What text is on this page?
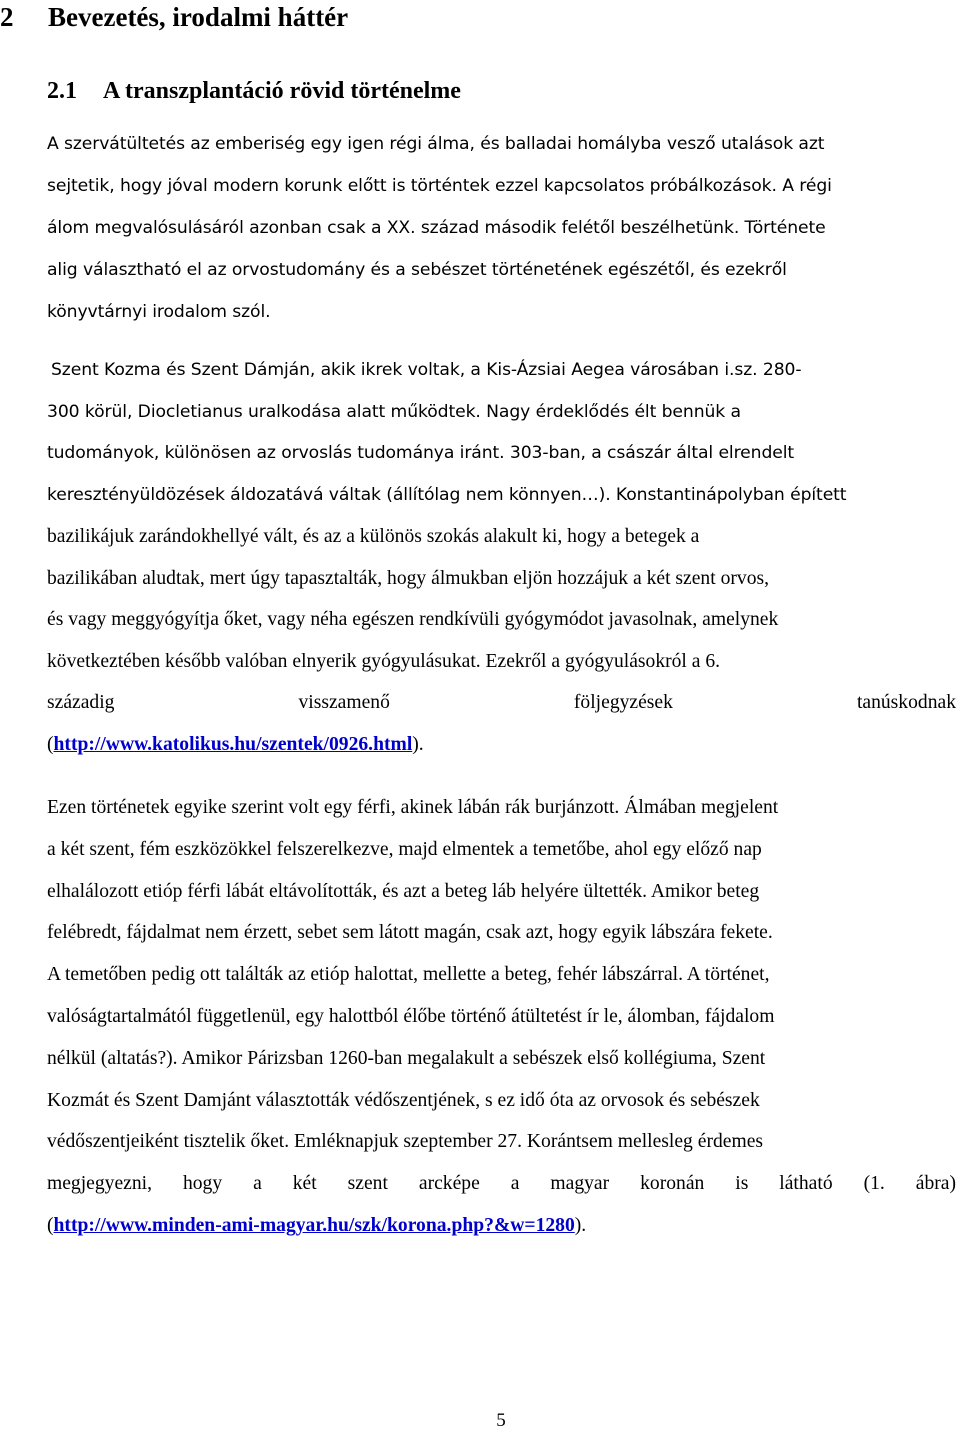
2 Bevezetés, irodalmi háttér
2.1 A transzplantáció rövid történelme

A szervátültetés az emberiség egy igen régi álma, és balladai homályba vesző utalások azt
sejtetik, hogy jóval modern korunk előtt is történtek ezzel kapcsolatos próbálkozások. A régi
álom megvalósulásáról azonban csak a XX. század második felétől beszélhetünk. Története
alig választható el az orvostudomány és a sebészet történetének egészétől, és ezekről
könyvtárnyi irodalom szól.

Szent Kozma és Szent Dámján, akik ikrek voltak, a Kis-Ázsiai Aegea városában i.sz. 280-
300 körül, Diocletianus uralkodása alatt működtek. Nagy érdeklődés élt bennük a
tudományok, különösen az orvoslás tudománya iránt. 303-ban, a császár által elrendelt
keresztényüldözések áldozatává váltak (állítólag nem könnyen…). Konstantinápolyban épített
bazilikájuk zarándokhellyé vált, és az a különös szokás alakult ki, hogy a betegek a
bazilikában aludtak, mert úgy tapasztalták, hogy álmukban eljön hozzájuk a két szent orvos,
és vagy meggyógyítja őket, vagy néha egészen rendkívüli gyógymódot javasolnak, amelynek
következtében később valóban elnyerik gyógyulásukat. Ezekről a gyógyulásokról a 6.
századig visszamenő följegyzések tanúskodnak
(http://www.katolikus.hu/szentek/0926.html).

Ezen történetek egyike szerint volt egy férfi, akinek lábán rák burjánzott. Álmában megjelent
a két szent, fém eszközökkel felszerelkezve, majd elmentek a temetőbe, ahol egy előző nap
elhalálozott etióp férfi lábát eltávolították, és azt a beteg láb helyére ültették. Amikor beteg
felébredt, fájdalmat nem érzett, sebet sem látott magán, csak azt, hogy egyik lábszára fekete.
A temetőben pedig ott találták az etióp halottat, mellette a beteg, fehér lábszárral. A történet,
valóságtartalmától függetlenül, egy halottból élőbe történő átültetést ír le, álomban, fájdalom
nélkül (altatás?). Amikor Párizsban 1260-ban megalakult a sebészek első kollégiuma, Szent
Kozmát és Szent Damjánt választották védőszentjének, s ez idő óta az orvosok és sebészek
védőszentjeiként tisztelik őket. Emléknapjuk szeptember 27. Korántsem mellesleg érdemes
megjegyezni, hogy a két szent arcképe a magyar koronán is látható (1. ábra)
(http://www.minden-ami-magyar.hu/szk/korona.php?&w=1280).

5
